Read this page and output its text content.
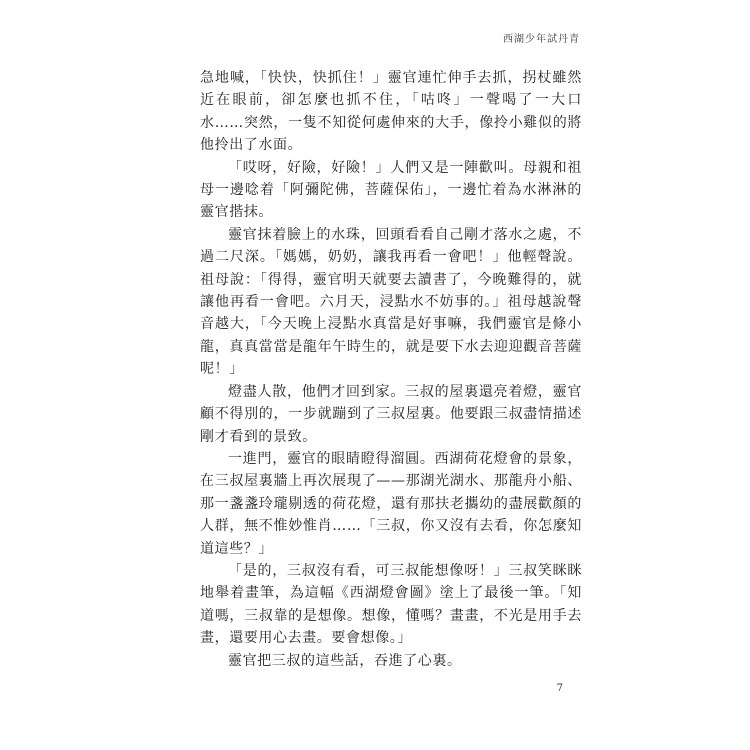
西湖少年試丹青

急地喊，「快快，快抓住！」靈官連忙伸手去抓，拐杖雖然近在眼前，卻怎麼也抓不住，「咕咚」一聲喝了一大口水……突然，一隻不知從何處伸來的大手，像拎小雞似的將他拎出了水面。

「哎呀，好險，好險！」人們又是一陣歡叫。母親和祖母一邊唸着「阿彌陀佛，菩薩保佑」，一邊忙着為水淋淋的靈官揩抹。

靈官抹着臉上的水珠，回頭看看自己剛才落水之處，不過二尺深。「媽媽，奶奶，讓我再看一會吧！」他輕聲說。祖母說：「得得，靈官明天就要去讀書了，今晚難得的，就讓他再看一會吧。六月天，浸點水不妨事的。」祖母越說聲音越大，「今天晚上浸點水真當是好事嘛，我們靈官是條小龍，真真當當是龍年午時生的，就是要下水去迎迎觀音菩薩呢！」

燈盡人散，他們才回到家。三叔的屋裏還亮着燈，靈官顧不得別的，一步就蹦到了三叔屋裏。他要跟三叔盡情描述剛才看到的景致。

一進門，靈官的眼睛瞪得溜圓。西湖荷花燈會的景象，在三叔屋裏牆上再次展現了——那湖光湖水、那龍舟小船、那一盞盞玲瓏剔透的荷花燈，還有那扶老攜幼的盡展歡顏的人群，無不惟妙惟肖……「三叔，你又沒有去看，你怎麼知道這些？」

「是的，三叔沒有看，可三叔能想像呀！」三叔笑眯眯地舉着畫筆，為這幅《西湖燈會圖》塗上了最後一筆。「知道嗎，三叔靠的是想像。想像，懂嗎？畫畫，不光是用手去畫，還要用心去畫。要會想像。」

靈官把三叔的這些話，吞進了心裏。

7
